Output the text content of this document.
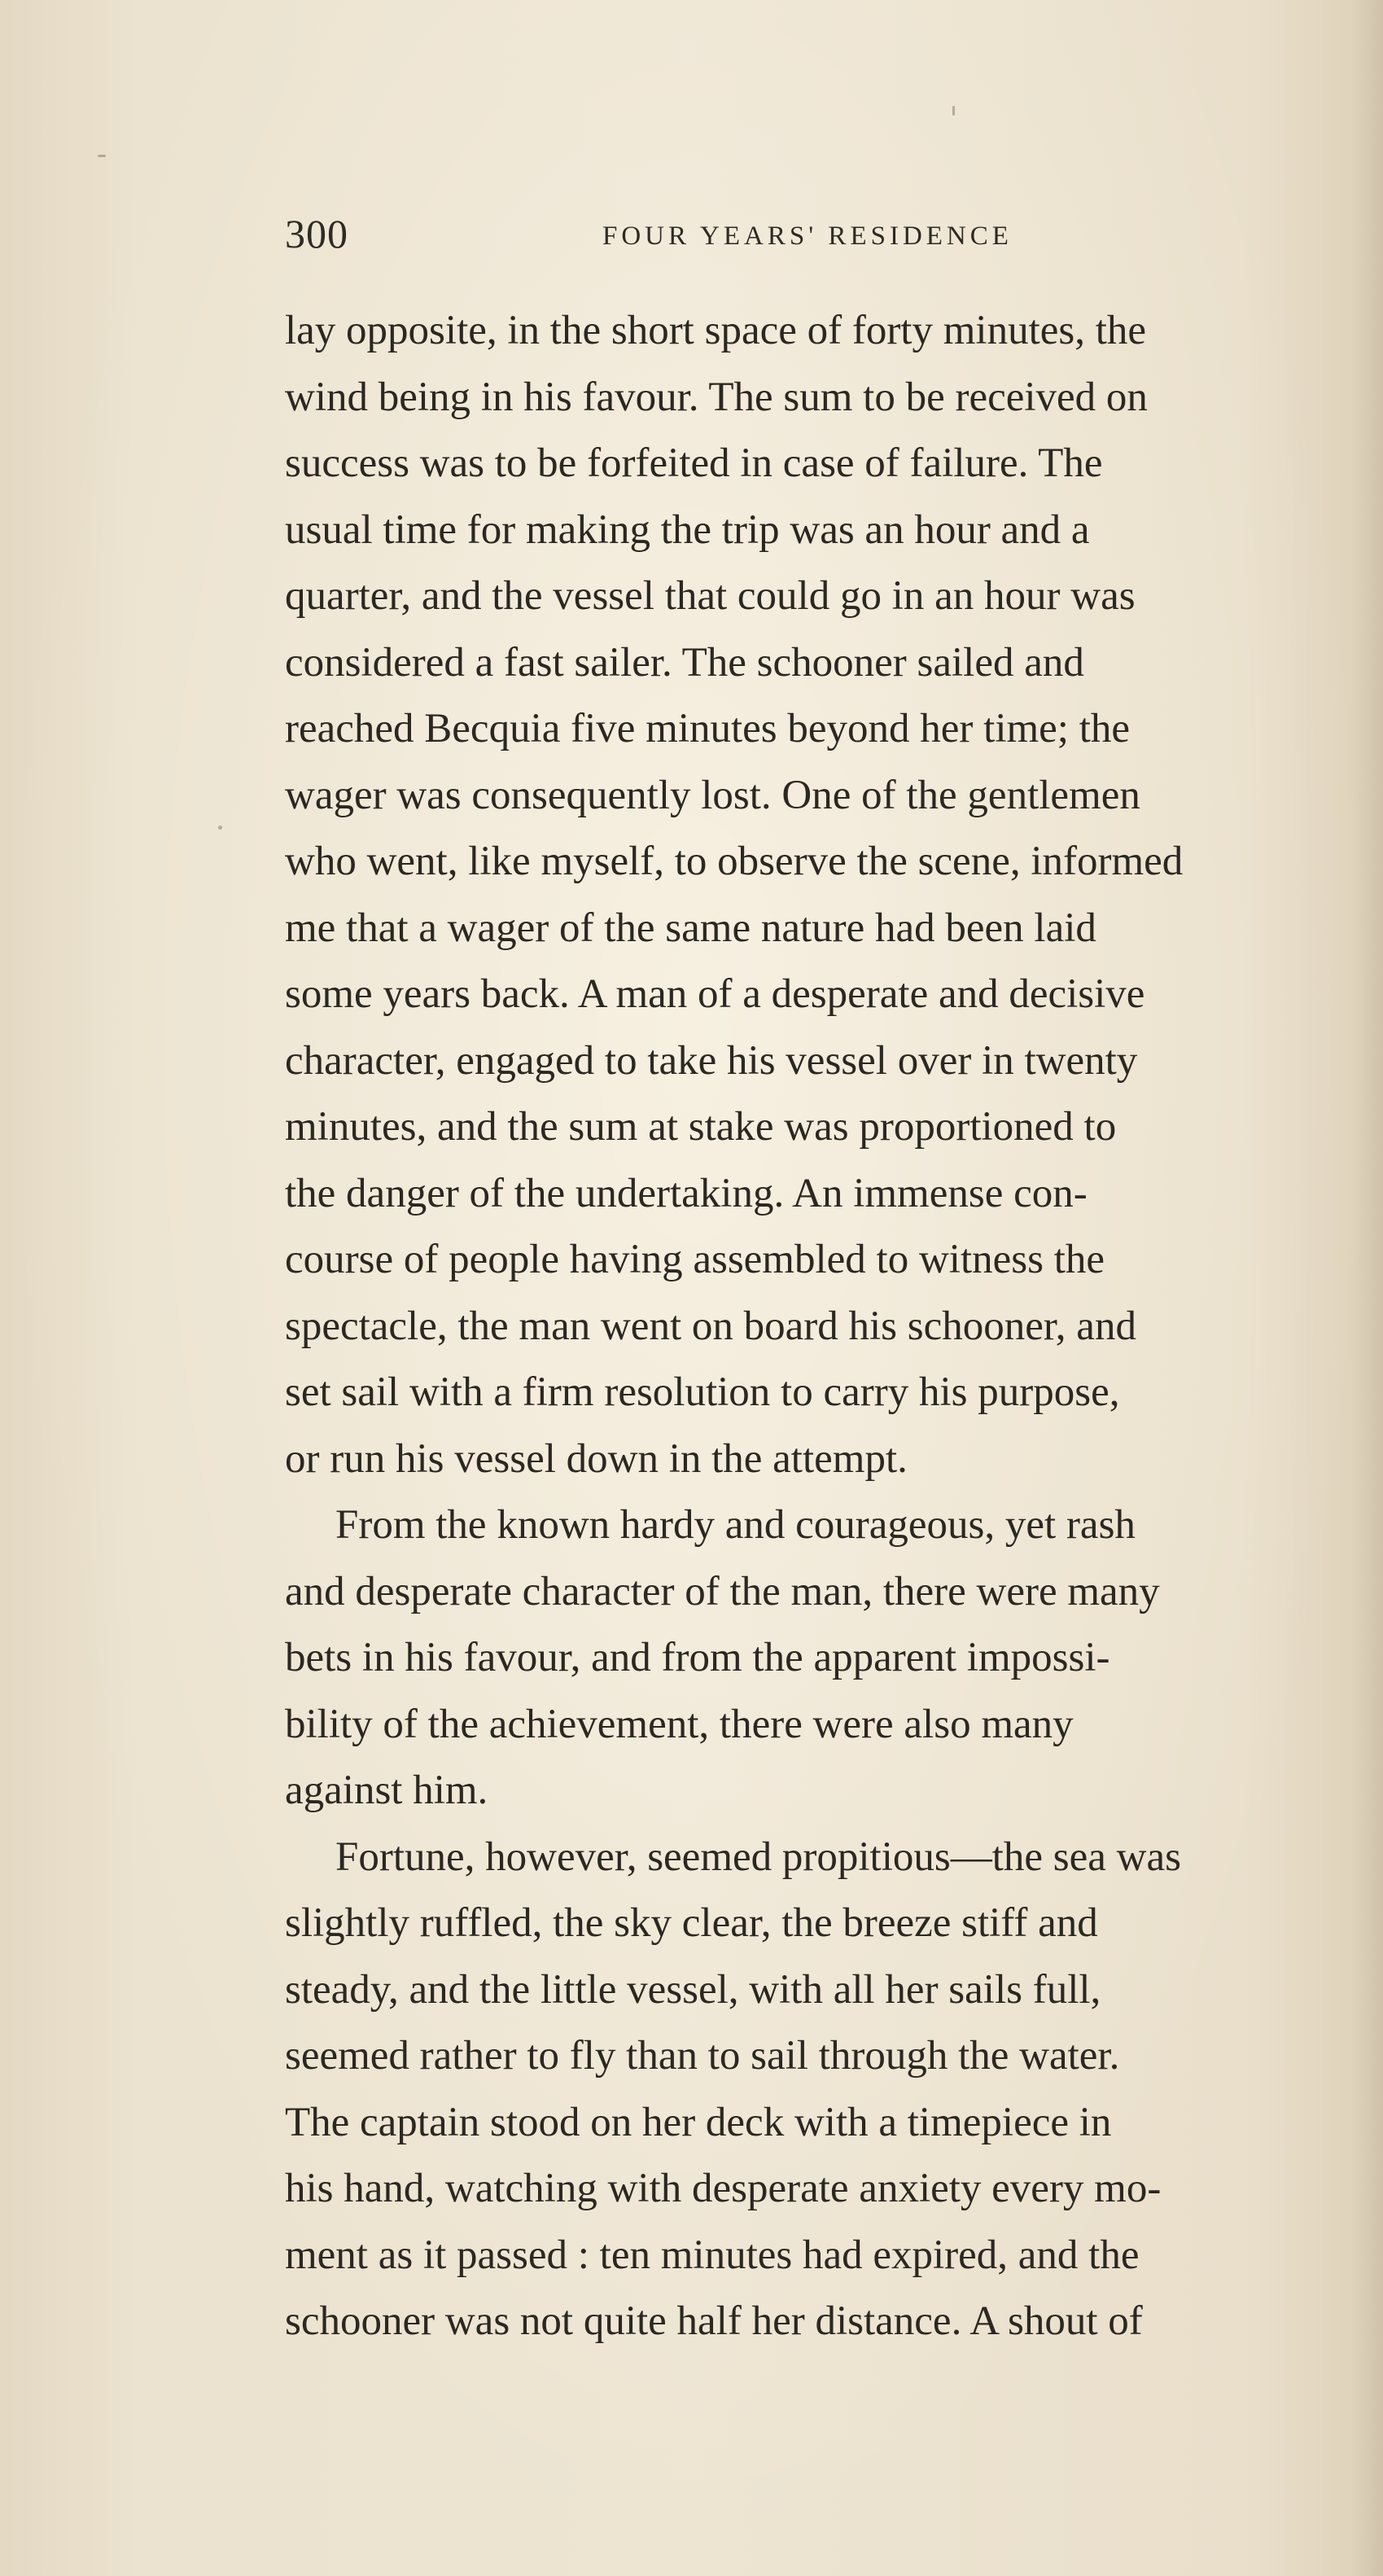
300	FOUR YEARS' RESIDENCE
lay opposite, in the short space of forty minutes, the
wind being in his favour. The sum to be received on
success was to be forfeited in case of failure. The
usual time for making the trip was an hour and a
quarter, and the vessel that could go in an hour was
considered a fast sailer. The schooner sailed and
reached Becquia five minutes beyond her time; the
wager was consequently lost. One of the gentlemen
who went, like myself, to observe the scene, informed
me that a wager of the same nature had been laid
some years back. A man of a desperate and decisive
character, engaged to take his vessel over in twenty
minutes, and the sum at stake was proportioned to
the danger of the undertaking. An immense con-
course of people having assembled to witness the
spectacle, the man went on board his schooner, and
set sail with a firm resolution to carry his purpose,
or run his vessel down in the attempt.
From the known hardy and courageous, yet rash
and desperate character of the man, there were many
bets in his favour, and from the apparent impossi-
bility of the achievement, there were also many
against him.
Fortune, however, seemed propitious—the sea was
slightly ruffled, the sky clear, the breeze stiff and
steady, and the little vessel, with all her sails full,
seemed rather to fly than to sail through the water.
The captain stood on her deck with a timepiece in
his hand, watching with desperate anxiety every mo-
ment as it passed : ten minutes had expired, and the
schooner was not quite half her distance. A shout of
